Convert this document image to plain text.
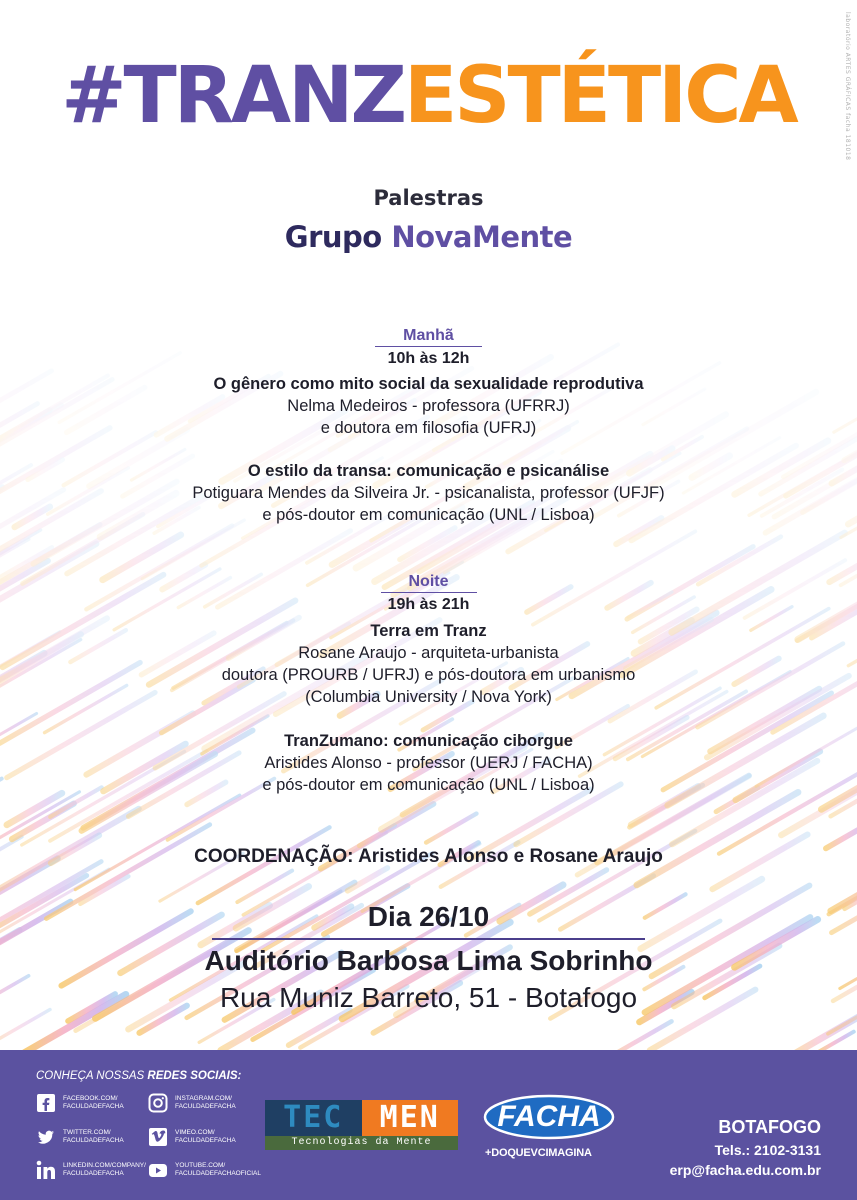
laboratório ARTES GRÁFICAS facha 181018
#TRANZESTÉTICA
Palestras
Grupo NovaMente
Manhã
10h às 12h
O gênero como mito social da sexualidade reprodutiva
Nelma Medeiros - professora (UFRRJ)
e doutora em filosofia (UFRJ)
O estilo da transa: comunicação e psicanálise
Potiguara Mendes da Silveira Jr. - psicanalista, professor (UFJF)
e pós-doutor em comunicação (UNL / Lisboa)
Noite
19h às 21h
Terra em Tranz
Rosane Araujo - arquiteta-urbanista
doutora (PROURB / UFRJ) e pós-doutora em urbanismo
(Columbia University / Nova York)
TranZumano: comunicação ciborgue
Aristides Alonso - professor (UERJ / FACHA)
e pós-doutor em comunicação (UNL / Lisboa)
COORDENAÇÃO: Aristides Alonso e Rosane Araujo
Dia 26/10
Auditório Barbosa Lima Sobrinho
Rua Muniz Barreto, 51 - Botafogo
CONHEÇA NOSSAS REDES SOCIAIS:
FACEBOOK.COM/
FACULDADEFACHA
INSTAGRAM.COM/
FACULDADEFACHA
TWITTER.COM/
FACULDADEFACHA
VIMEO.COM/
FACULDADEFACHA
LINKEDIN.COM/COMPANY/
FACULDADEFACHA
YOUTUBE.COM/
FACULDADEFACHAOFICIAL
TEC	MEN
Tecnologias da Mente
FACHA
+DOQUEVCIMAGINA
BOTAFOGO
Tels.: 2102-3131
erp@facha.edu.com.br
